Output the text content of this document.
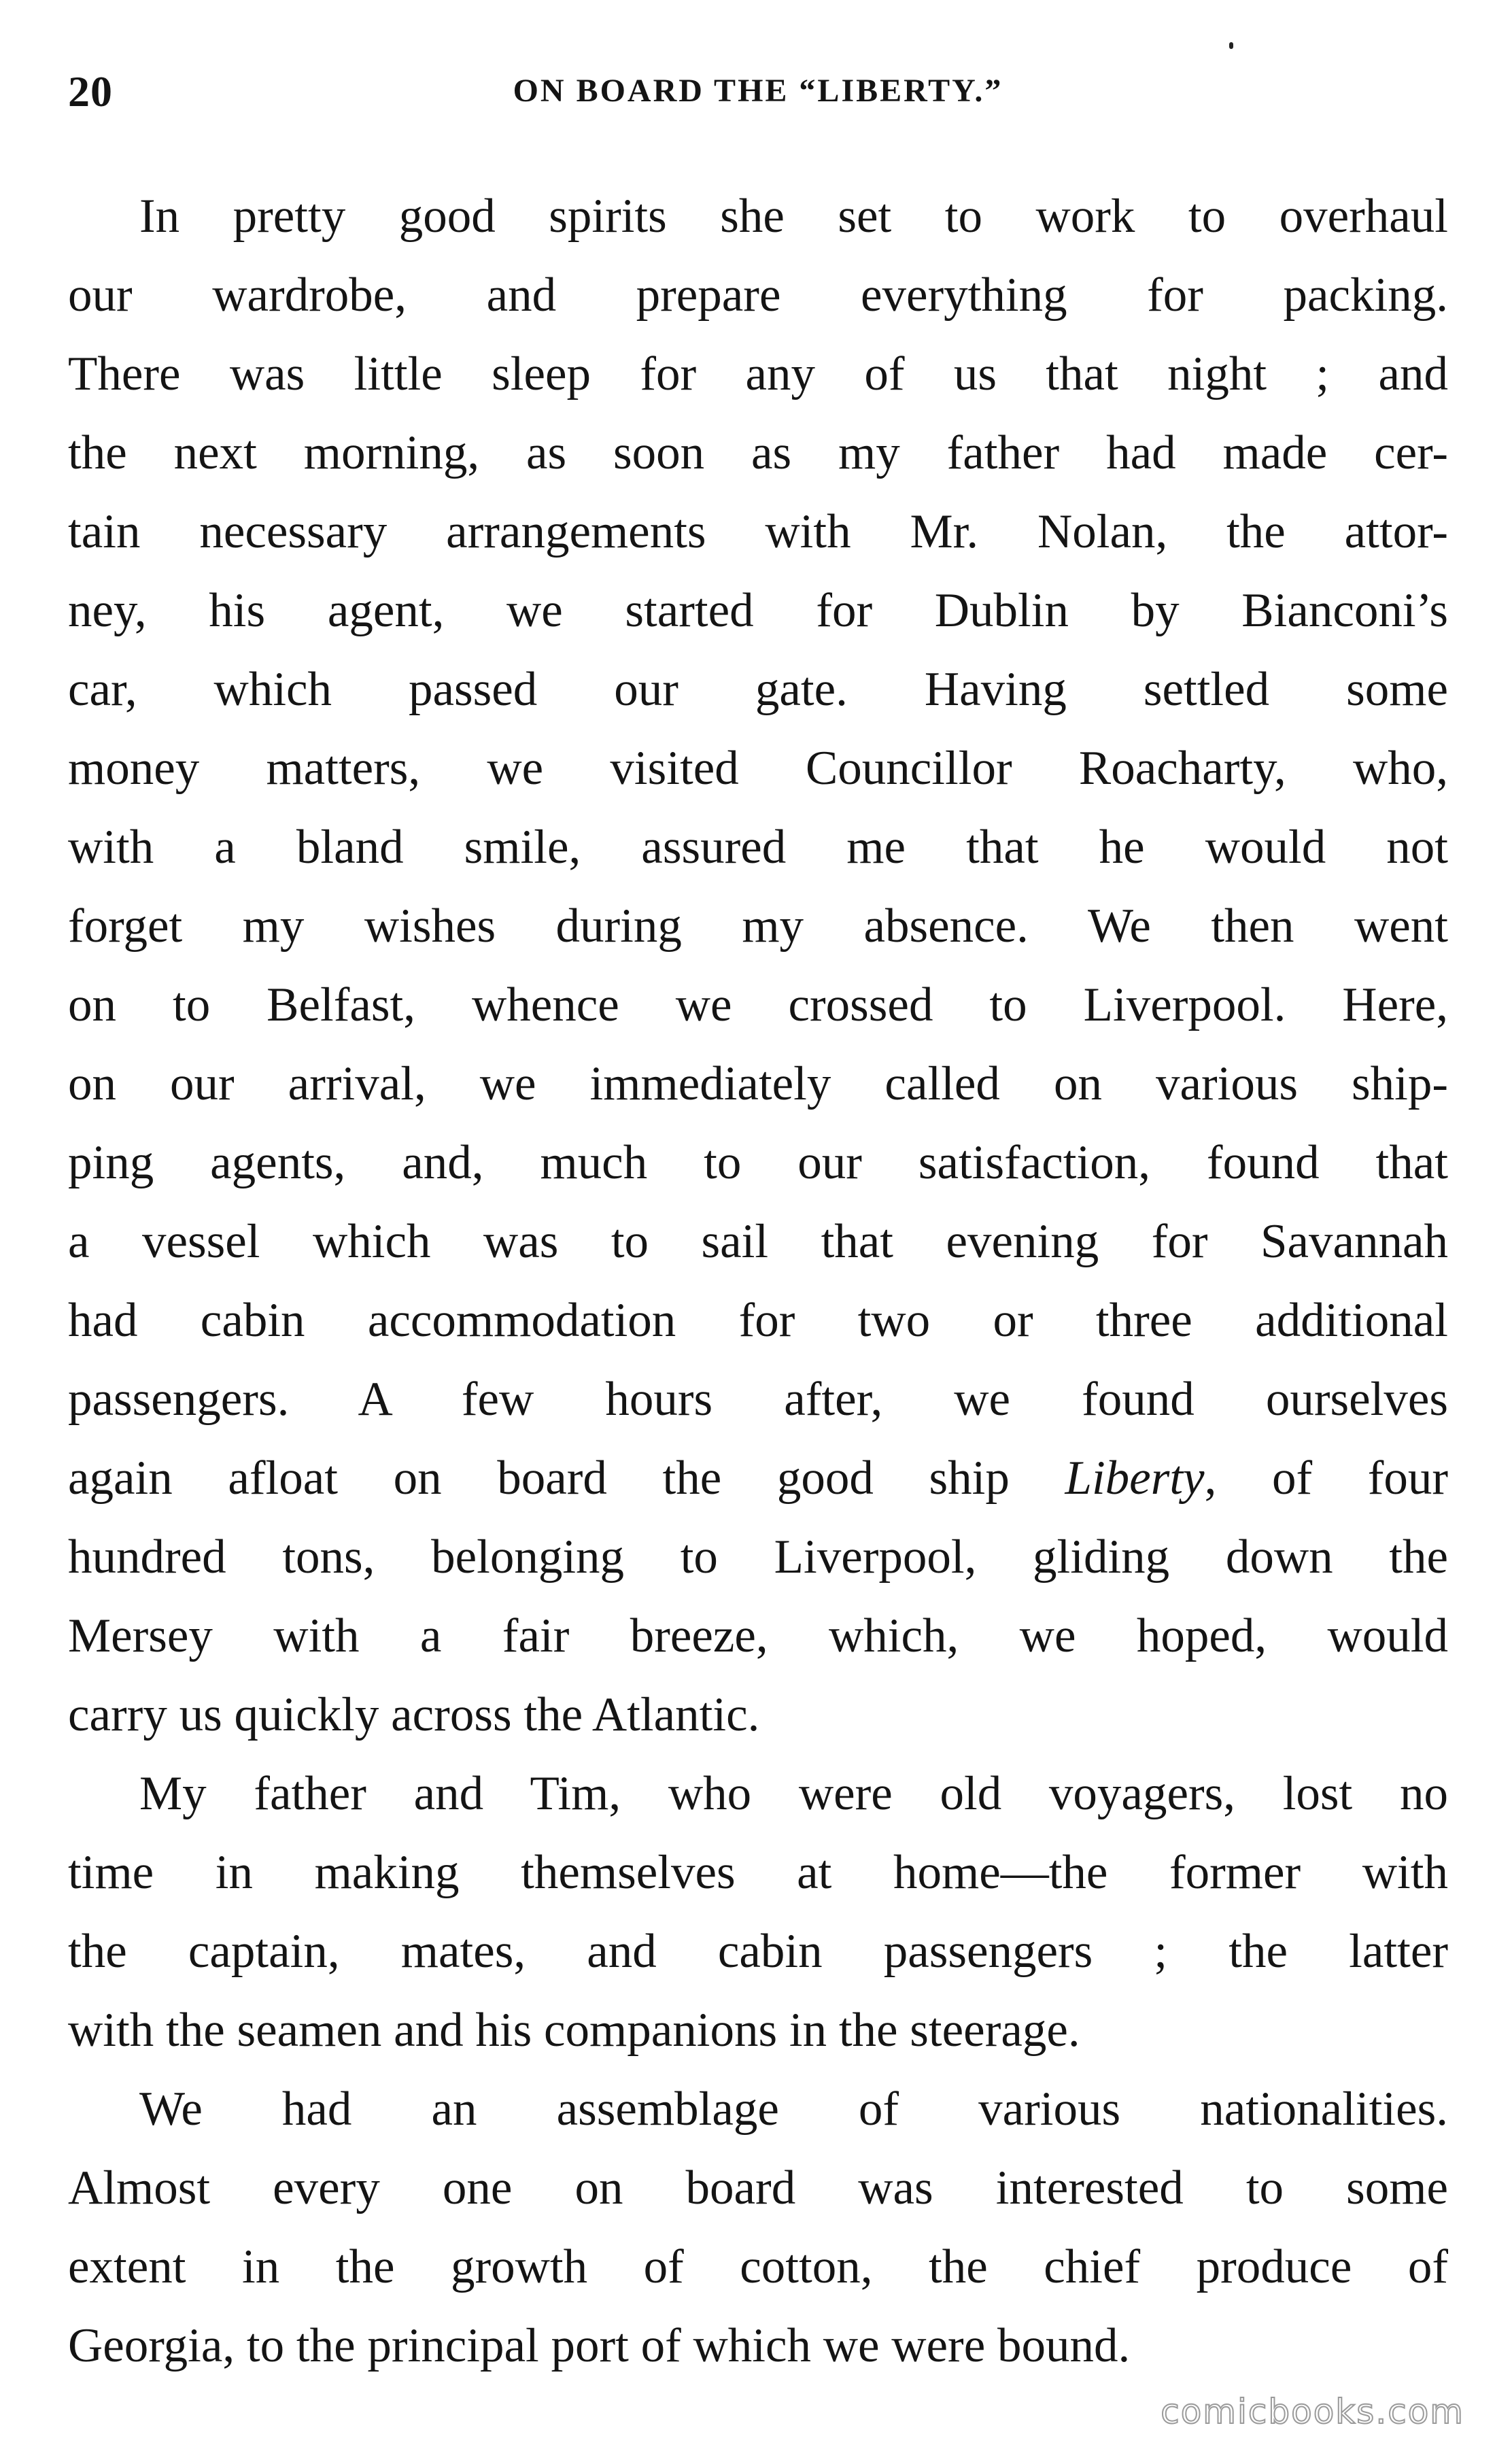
20	ON BOARD THE “LIBERTY.”
In pretty good spirits she set to work to overhaul
our wardrobe, and prepare everything for packing.
There was little sleep for any of us that night ; and
the next morning, as soon as my father had made cer-
tain necessary arrangements with Mr. Nolan, the attor-
ney, his agent, we started for Dublin by Bianconi’s
car, which passed our gate. Having settled some
money matters, we visited Councillor Roacharty, who,
with a bland smile, assured me that he would not
forget my wishes during my absence. We then went
on to Belfast, whence we crossed to Liverpool. Here,
on our arrival, we immediately called on various ship-
ping agents, and, much to our satisfaction, found that
a vessel which was to sail that evening for Savannah
had cabin accommodation for two or three additional
passengers. A few hours after, we found ourselves
again afloat on board the good ship Liberty, of four
hundred tons, belonging to Liverpool, gliding down the
Mersey with a fair breeze, which, we hoped, would
carry us quickly across the Atlantic.
My father and Tim, who were old voyagers, lost no
time in making themselves at home—the former with
the captain, mates, and cabin passengers ; the latter
with the seamen and his companions in the steerage.
We had an assemblage of various nationalities.
Almost every one on board was interested to some
extent in the growth of cotton, the chief produce of
Georgia, to the principal port of which we were bound.
comicbooks.com
